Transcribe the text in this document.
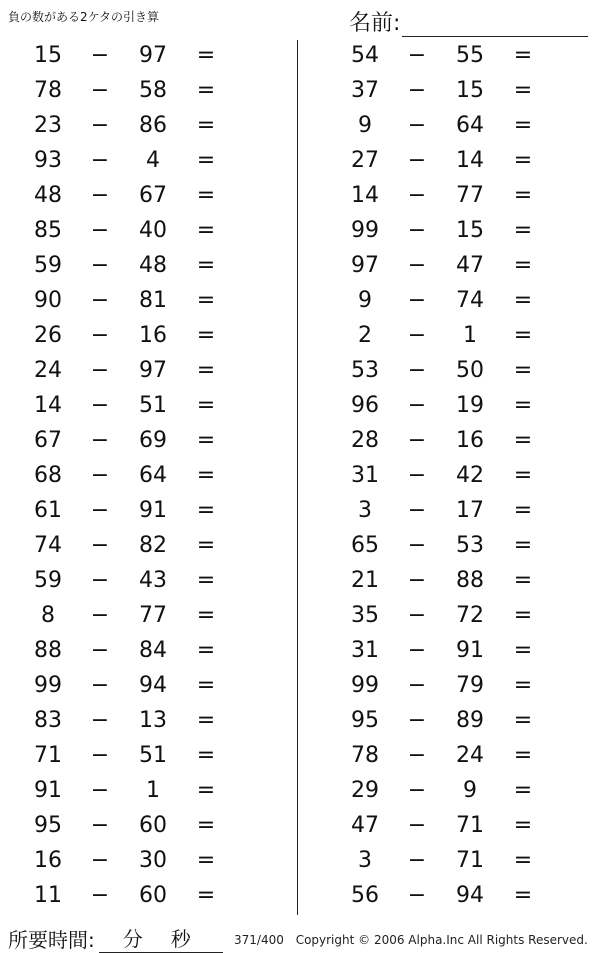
負の数がある2ケタの引き算	名前:
15	−	97	=
78	−	58	=
23	−	86	=
93	−	4	=
48	−	67	=
85	−	40	=
59	−	48	=
90	−	81	=
26	−	16	=
24	−	97	=
14	−	51	=
67	−	69	=
68	−	64	=
61	−	91	=
74	−	82	=
59	−	43	=
8	−	77	=
88	−	84	=
99	−	94	=
83	−	13	=
71	−	51	=
91	−	1	=
95	−	60	=
16	−	30	=
11	−	60	=
54	−	55	=
37	−	15	=
9	−	64	=
27	−	14	=
14	−	77	=
99	−	15	=
97	−	47	=
9	−	74	=
2	−	1	=
53	−	50	=
96	−	19	=
28	−	16	=
31	−	42	=
3	−	17	=
65	−	53	=
21	−	88	=
35	−	72	=
31	−	91	=
99	−	79	=
95	−	89	=
78	−	24	=
29	−	9	=
47	−	71	=
3	−	71	=
56	−	94	=
所要時間: 分 秒	371/400 Copyright © 2006 Alpha.Inc All Rights Reserved.
